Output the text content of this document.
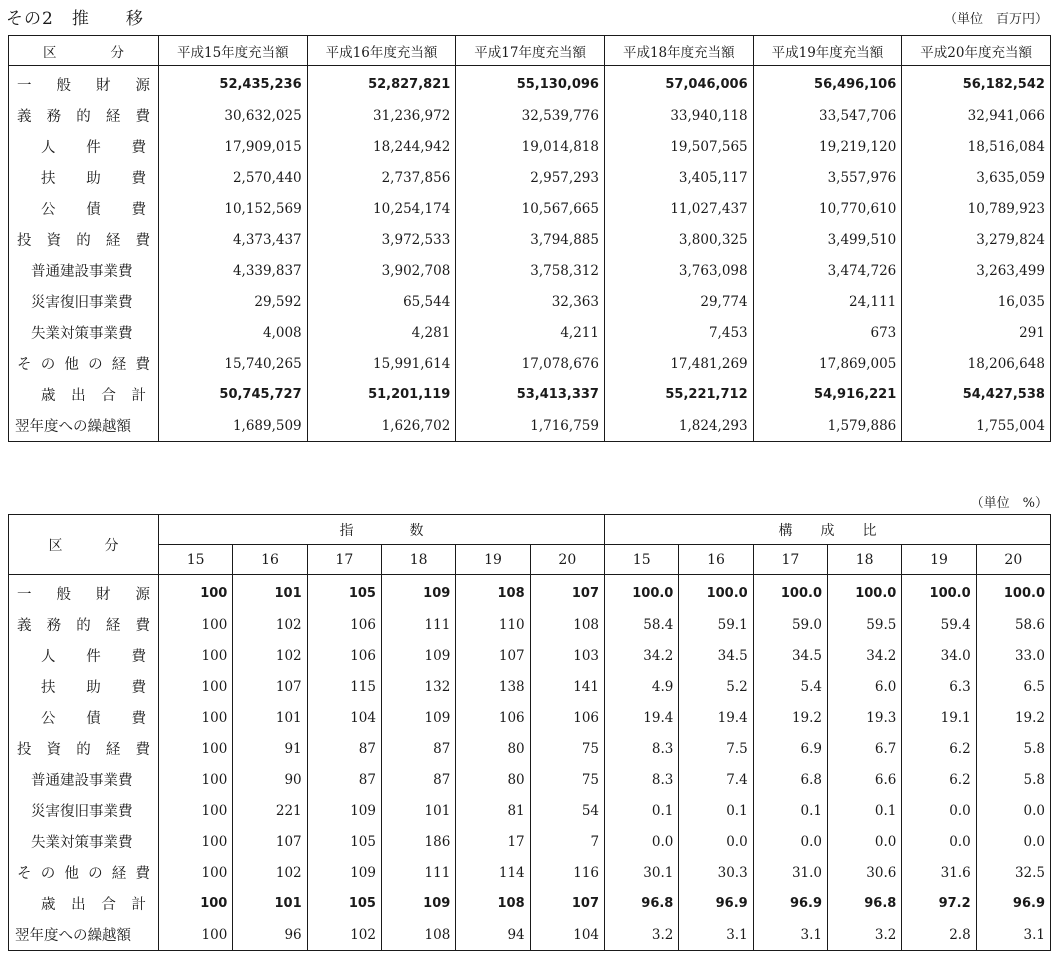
その2　推　　移	（単位　百万円）
区　　　　分	平成15年度充当額	平成16年度充当額	平成17年度充当額	平成18年度充当額	平成19年度充当額	平成20年度充当額
一般財源	52,435,236	52,827,821	55,130,096	57,046,006	56,496,106	56,182,542
義務的経費	30,632,025	31,236,972	32,539,776	33,940,118	33,547,706	32,941,066
人件費	17,909,015	18,244,942	19,014,818	19,507,565	19,219,120	18,516,084
扶助費	2,570,440	2,737,856	2,957,293	3,405,117	3,557,976	3,635,059
公債費	10,152,569	10,254,174	10,567,665	11,027,437	10,770,610	10,789,923
投資的経費	4,373,437	3,972,533	3,794,885	3,800,325	3,499,510	3,279,824
普通建設事業費	4,339,837	3,902,708	3,758,312	3,763,098	3,474,726	3,263,499
災害復旧事業費	29,592	65,544	32,363	29,774	24,111	16,035
失業対策事業費	4,008	4,281	4,211	7,453	673	291
その他の経費	15,740,265	15,991,614	17,078,676	17,481,269	17,869,005	18,206,648
歳出合計	50,745,727	51,201,119	53,413,337	55,221,712	54,916,221	54,427,538
翌年度への繰越額	1,689,509	1,626,702	1,716,759	1,824,293	1,579,886	1,755,004
（単位　%）
区　　　分	指　　　　数						構　　成　　比					
	15	16	17	18	19	20	15	16	17	18	19	20
一般財源	100	101	105	109	108	107	100.0	100.0	100.0	100.0	100.0	100.0
義務的経費	100	102	106	111	110	108	58.4	59.1	59.0	59.5	59.4	58.6
人件費	100	102	106	109	107	103	34.2	34.5	34.5	34.2	34.0	33.0
扶助費	100	107	115	132	138	141	4.9	5.2	5.4	6.0	6.3	6.5
公債費	100	101	104	109	106	106	19.4	19.4	19.2	19.3	19.1	19.2
投資的経費	100	91	87	87	80	75	8.3	7.5	6.9	6.7	6.2	5.8
普通建設事業費	100	90	87	87	80	75	8.3	7.4	6.8	6.6	6.2	5.8
災害復旧事業費	100	221	109	101	81	54	0.1	0.1	0.1	0.1	0.0	0.0
失業対策事業費	100	107	105	186	17	7	0.0	0.0	0.0	0.0	0.0	0.0
その他の経費	100	102	109	111	114	116	30.1	30.3	31.0	30.6	31.6	32.5
歳出合計	100	101	105	109	108	107	96.8	96.9	96.9	96.8	97.2	96.9
翌年度への繰越額	100	96	102	108	94	104	3.2	3.1	3.1	3.2	2.8	3.1
